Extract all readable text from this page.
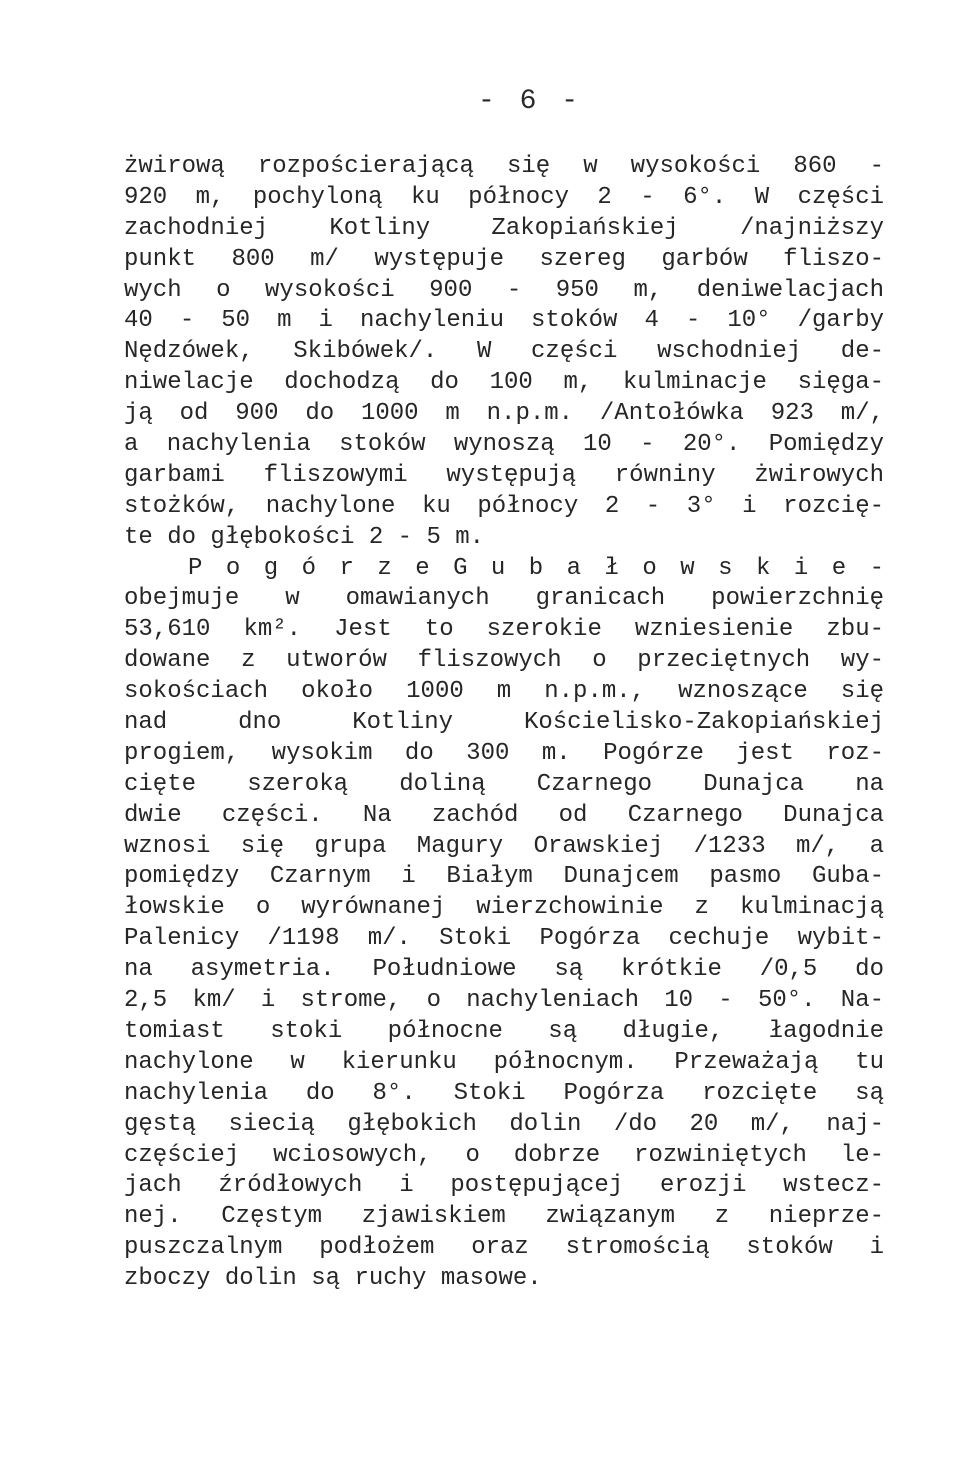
- 6 -
żwirową rozpościerającą się w wysokości 860 -
920 m, pochyloną ku północy 2 - 6°. W części
zachodniej Kotliny Zakopiańskiej /najniższy
punkt 800 m/ występuje szereg garbów fliszo-
wych o wysokości 900 - 950 m, deniwelacjach
40 - 50 m i nachyleniu stoków 4 - 10° /garby
Nędzówek, Skibówek/. W części wschodniej de-
niwelacje dochodzą do 100 m, kulminacje sięga-
ją od 900 do 1000 m n.p.m. /Antołówka 923 m/,
a nachylenia stoków wynoszą 10 - 20°. Pomiędzy
garbami fliszowymi występują równiny żwirowych
stożków, nachylone ku północy 2 - 3° i rozcię-
te do głębokości 2 - 5 m.
P o g ó r z e G u b a ł o w s k i e -
obejmuje w omawianych granicach powierzchnię
53,610 km². Jest to szerokie wzniesienie zbu-
dowane z utworów fliszowych o przeciętnych wy-
sokościach około 1000 m n.p.m., wznoszące się
nad dno Kotliny Kościelisko-Zakopiańskiej
progiem, wysokim do 300 m. Pogórze jest roz-
cięte szeroką doliną Czarnego Dunajca na
dwie części. Na zachód od Czarnego Dunajca
wznosi się grupa Magury Orawskiej /1233 m/, a
pomiędzy Czarnym i Białym Dunajcem pasmo Guba-
łowskie o wyrównanej wierzchowinie z kulminacją
Palenicy /1198 m/. Stoki Pogórza cechuje wybit-
na asymetria. Południowe są krótkie /0,5 do
2,5 km/ i strome, o nachyleniach 10 - 50°. Na-
tomiast stoki północne są długie, łagodnie
nachylone w kierunku północnym. Przeważają tu
nachylenia do 8°. Stoki Pogórza rozcięte są
gęstą siecią głębokich dolin /do 20 m/, naj-
częściej wciosowych, o dobrze rozwiniętych le-
jach źródłowych i postępującej erozji wstecz-
nej. Częstym zjawiskiem związanym z nieprze-
puszczalnym podłożem oraz stromością stoków i
zboczy dolin są ruchy masowe.
